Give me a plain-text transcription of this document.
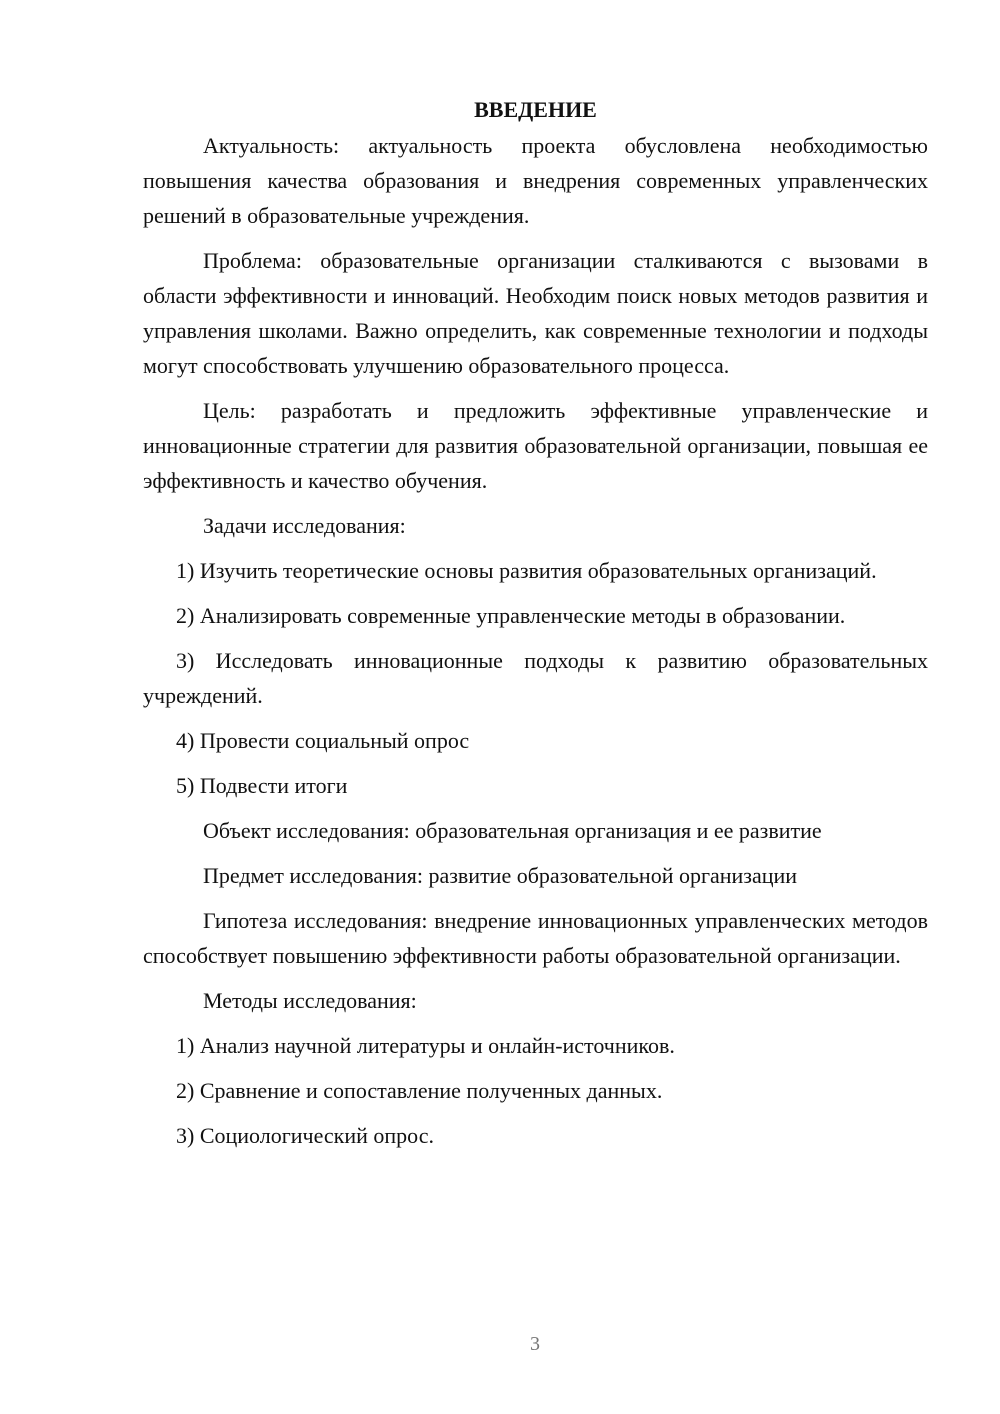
ВВЕДЕНИЕ
Актуальность: актуальность проекта обусловлена необходимостью повышения качества образования и внедрения современных управленческих решений в образовательные учреждения.
Проблема: образовательные организации сталкиваются с вызовами в области эффективности и инноваций. Необходим поиск новых методов развития и управления школами. Важно определить, как современные технологии и подходы могут способствовать улучшению образовательного процесса.
Цель: разработать и предложить эффективные управленческие и инновационные стратегии для развития образовательной организации, повышая ее эффективность и качество обучения.
Задачи исследования:
1) Изучить теоретические основы развития образовательных организаций.
2) Анализировать современные управленческие методы в образовании.
3) Исследовать инновационные подходы к развитию образовательных учреждений.
4) Провести социальный опрос
5) Подвести итоги
Объект исследования: образовательная организация и ее развитие
Предмет исследования: развитие образовательной организации
Гипотеза исследования: внедрение инновационных управленческих методов способствует повышению эффективности работы образовательной организации.
Методы исследования:
1) Анализ научной литературы и онлайн-источников.
2) Сравнение и сопоставление полученных данных.
3) Социологический опрос.
3
